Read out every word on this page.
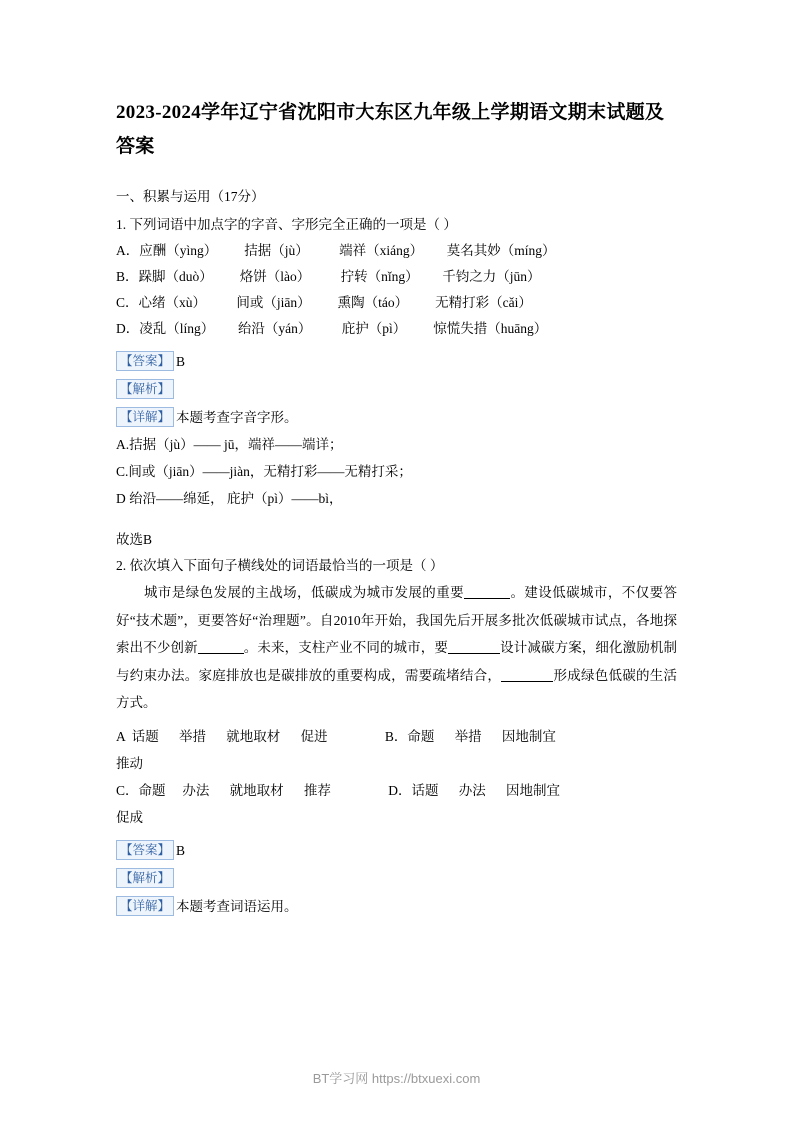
2023-2024学年辽宁省沈阳市大东区九年级上学期语文期末试题及答案

一、积累与运用（17分）

1. 下列词语中加点字的字音、字形完全正确的一项是（ ）

A．应酬（yìng）        拮据（jù）         端祥（xiáng）       莫名其妙（míng）

B．跺脚（duò）        烙饼（lào）         拧转（nǐng）       千钧之力（jūn）

C．心绪（xù）         间或（jiān）        熏陶（táo）        无精打彩（cǎi）

D．凌乱（líng）       绐沿（yán）         庇护（pì）        惊慌失措（huāng）

【答案】 B

【解析】

【详解】 本题考查字音字形。

A.拮据（jù）—— jū，端祥——端详；

C.间或（jiān）——jiàn，无精打彩——无精打采；

D 绐沿——绵延， 庇护（pì）——bì，

故选B

2. 依次填入下面句子横线处的词语最恰当的一项是（ ）

城市是绿色发展的主战场，低碳成为城市发展的重要	。建设低碳城市，不仅要答好“技术题”，更要答好“治理题”。自2010年开始，我国先后开展多批次低碳城市试点，各地探索出不少创新	。未来，支柱产业不同的城市，要	设计减碳方案，细化激励机制与约束办法。家庭排放也是碳排放的重要构成，需要疏堵结合，	形成绿色低碳的生活方式。

A  话题      举措      就地取材      促进                 B．命题      举措      因地制宜

推动

C．命题     办法      就地取材      推荐                 D．话题      办法      因地制宜

促成

【答案】 B

【解析】

【详解】 本题考查词语运用。

BT学习网 https://btxuexi.com
